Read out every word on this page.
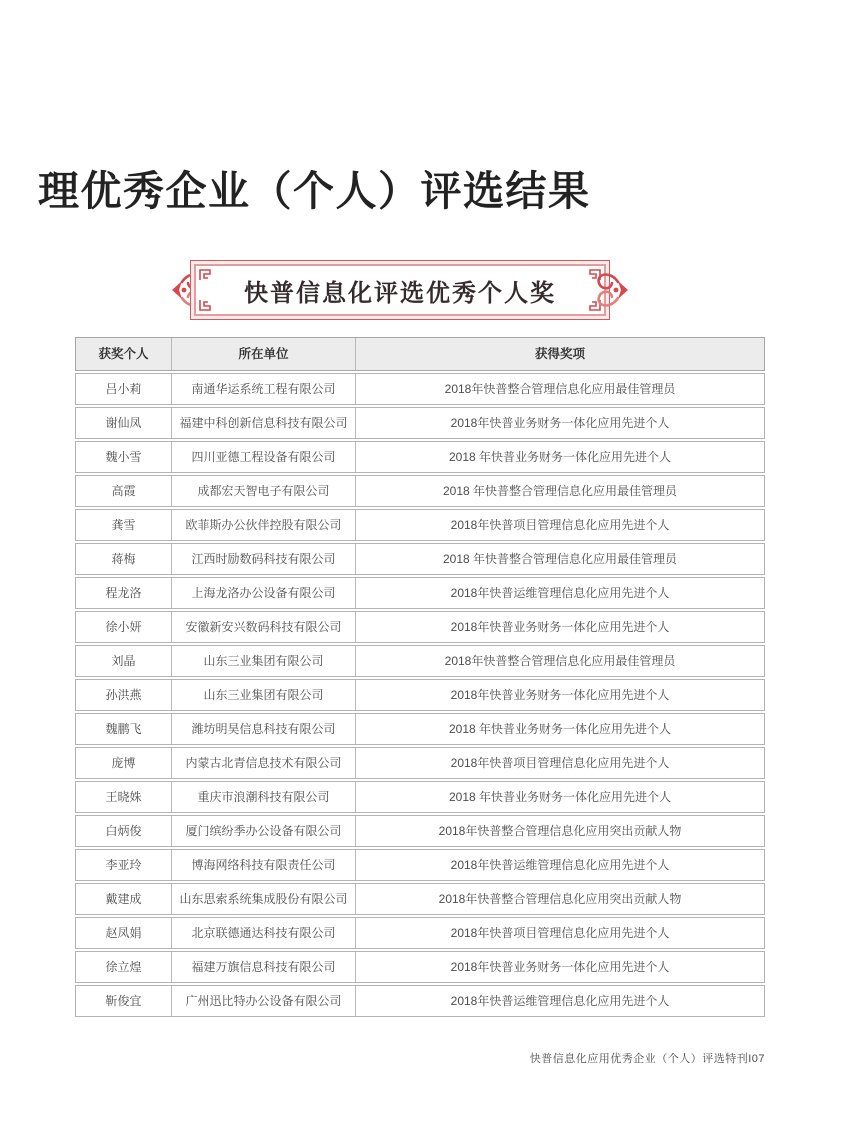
理优秀企业（个人）评选结果
快普信息化评选优秀个人奖
获奖个人	所在单位	获得奖项
吕小莉	南通华运系统工程有限公司	2018年快普整合管理信息化应用最佳管理员
谢仙凤	福建中科创新信息科技有限公司	2018年快普业务财务一体化应用先进个人
魏小雪	四川亚德工程设备有限公司	2018 年快普业务财务一体化应用先进个人
高霞	成都宏天智电子有限公司	2018 年快普整合管理信息化应用最佳管理员
龚雪	欧菲斯办公伙伴控股有限公司	2018年快普项目管理信息化应用先进个人
蒋梅	江西时励数码科技有限公司	2018 年快普整合管理信息化应用最佳管理员
程龙洛	上海龙洛办公设备有限公司	2018年快普运维管理信息化应用先进个人
徐小妍	安徽新安兴数码科技有限公司	2018年快普业务财务一体化应用先进个人
刘晶	山东三业集团有限公司	2018年快普整合管理信息化应用最佳管理员
孙洪燕	山东三业集团有限公司	2018年快普业务财务一体化应用先进个人
魏鹏飞	潍坊明昊信息科技有限公司	2018 年快普业务财务一体化应用先进个人
庞博	内蒙古北青信息技术有限公司	2018年快普项目管理信息化应用先进个人
王晓姝	重庆市浪潮科技有限公司	2018 年快普业务财务一体化应用先进个人
白炳俊	厦门缤纷季办公设备有限公司	2018年快普整合管理信息化应用突出贡献人物
李亚玲	博海网络科技有限责任公司	2018年快普运维管理信息化应用先进个人
戴建成	山东思索系统集成股份有限公司	2018年快普整合管理信息化应用突出贡献人物
赵凤娟	北京联德通达科技有限公司	2018年快普项目管理信息化应用先进个人
徐立煌	福建万旗信息科技有限公司	2018年快普业务财务一体化应用先进个人
靳俊宜	广州迅比特办公设备有限公司	2018年快普运维管理信息化应用先进个人
快普信息化应用优秀企业（个人）评选特刊I07
